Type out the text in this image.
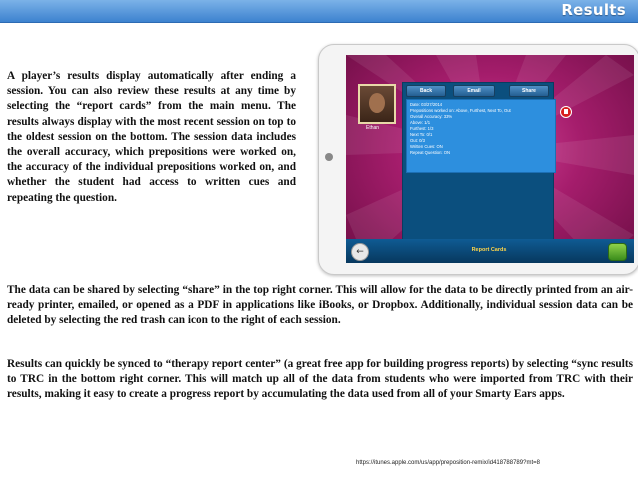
Results

A player’s results display automatically after ending a session. You can also review these results at any time by selecting the “report cards” from the main menu. The results always display with the most recent session on top to the oldest session on the bottom. The session data includes the overall accuracy, which prepositions were worked on, the accuracy of the individual prepositions worked on, and whether the student had access to written cues and repeating the question.

Ethan
Back	Email	Share
Date: 03/27/2014
Prepositions worked on: Above, Furthest, Next To, Out
Overall Accuracy: 33%
Above: 1/1
Furthest: 1/3
Next To: 0/1
Out: 0/3
Written Cues: ON
Repeat Question: ON
←	Report Cards

The data can be shared by selecting “share” in the top right corner. This will allow for the data to be directly printed from an air-ready printer, emailed, or opened as a PDF in applications like iBooks, or Dropbox. Additionally, individual session data can be deleted by selecting the red trash can icon to the right of each session.

Results can quickly be synced to “therapy report center” (a great free app for building progress reports) by selecting “sync results to TRC in the bottom right corner. This will match up all of the data from students who were imported from TRC with their results, making it easy to create a progress report by accumulating the data used from all of your Smarty Ears apps.

https://itunes.apple.com/us/app/preposition-remix/id418788789?mt=8
